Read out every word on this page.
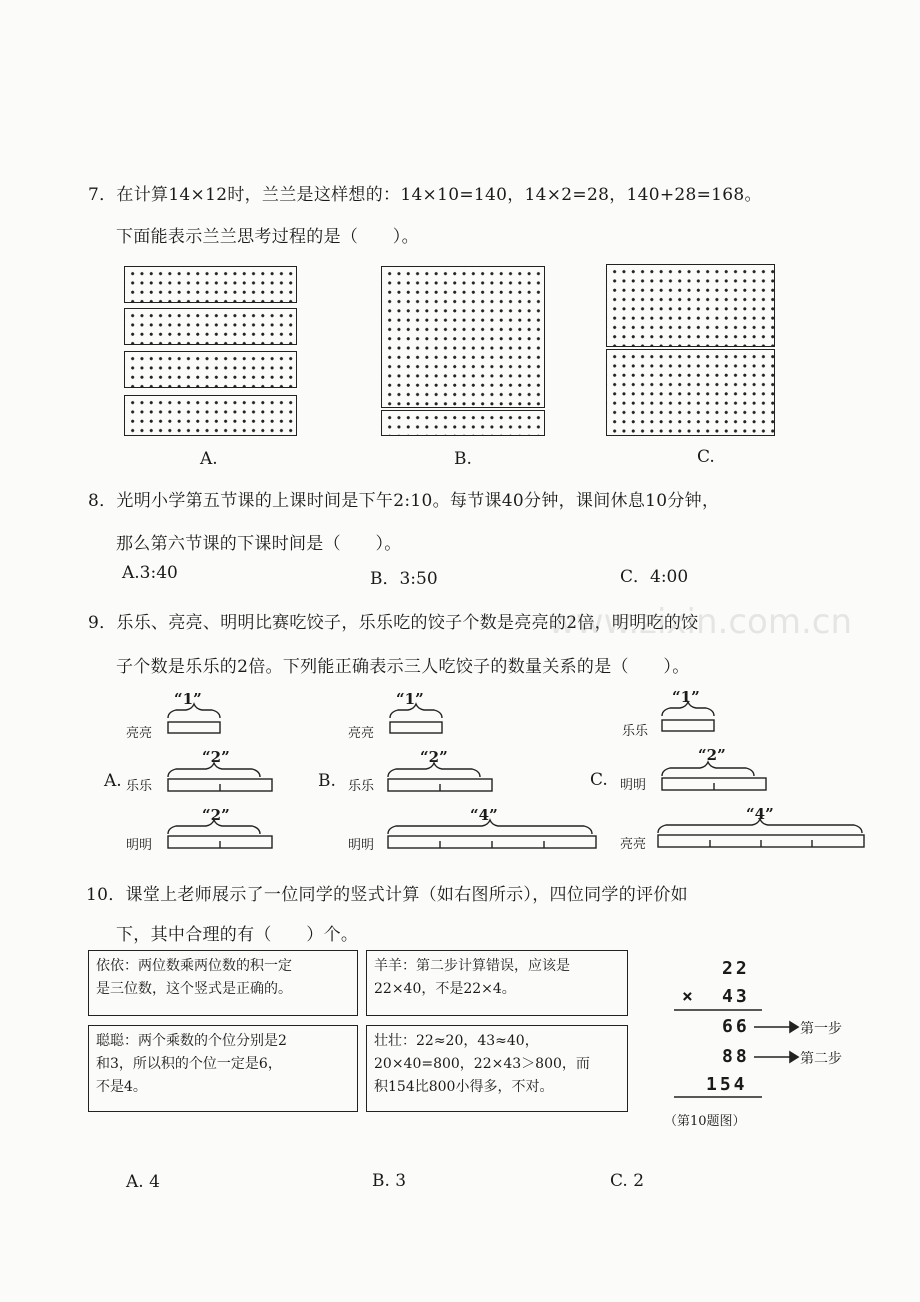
7．在计算14×12时，兰兰是这样想的：14×10=140，14×2=28，140+28=168。
下面能表示兰兰思考过程的是（　　）。
A.	B.	C.
8．光明小学第五节课的上课时间是下午2:10。每节课40分钟，课间休息10分钟，
那么第六节课的下课时间是（　　）。
A.3:40	B．3:50	C．4:00
9．乐乐、亮亮、明明比赛吃饺子，乐乐吃的饺子个数是亮亮的2倍，明明吃的饺
www.zixin.com.cn
子个数是乐乐的2倍。下列能正确表示三人吃饺子的数量关系的是（　　）。
亮亮
A. 乐乐
明明
亮亮
B. 乐乐
明明
乐乐
C. 明明
亮亮
“1”
“2”
“2”
“1”
“2”
“4”
“1”
“2”
“4”
10．课堂上老师展示了一位同学的竖式计算（如右图所示），四位同学的评价如
下，其中合理的有（　　）个。
依依：两位数乘两位数的积一定
是三位数，这个竖式是正确的。
羊羊：第二步计算错误，应该是
22×40，不是22×4。
聪聪：两个乘数的个位分别是2
和3，所以积的个位一定是6，
不是4。
壮壮：22≈20，43≈40，
20×40=800，22×43＞800，而
积154比800小得多，不对。
22
× 43
66
88
154
第一步
第二步
（第10题图）
A. 4	B. 3	C. 2
